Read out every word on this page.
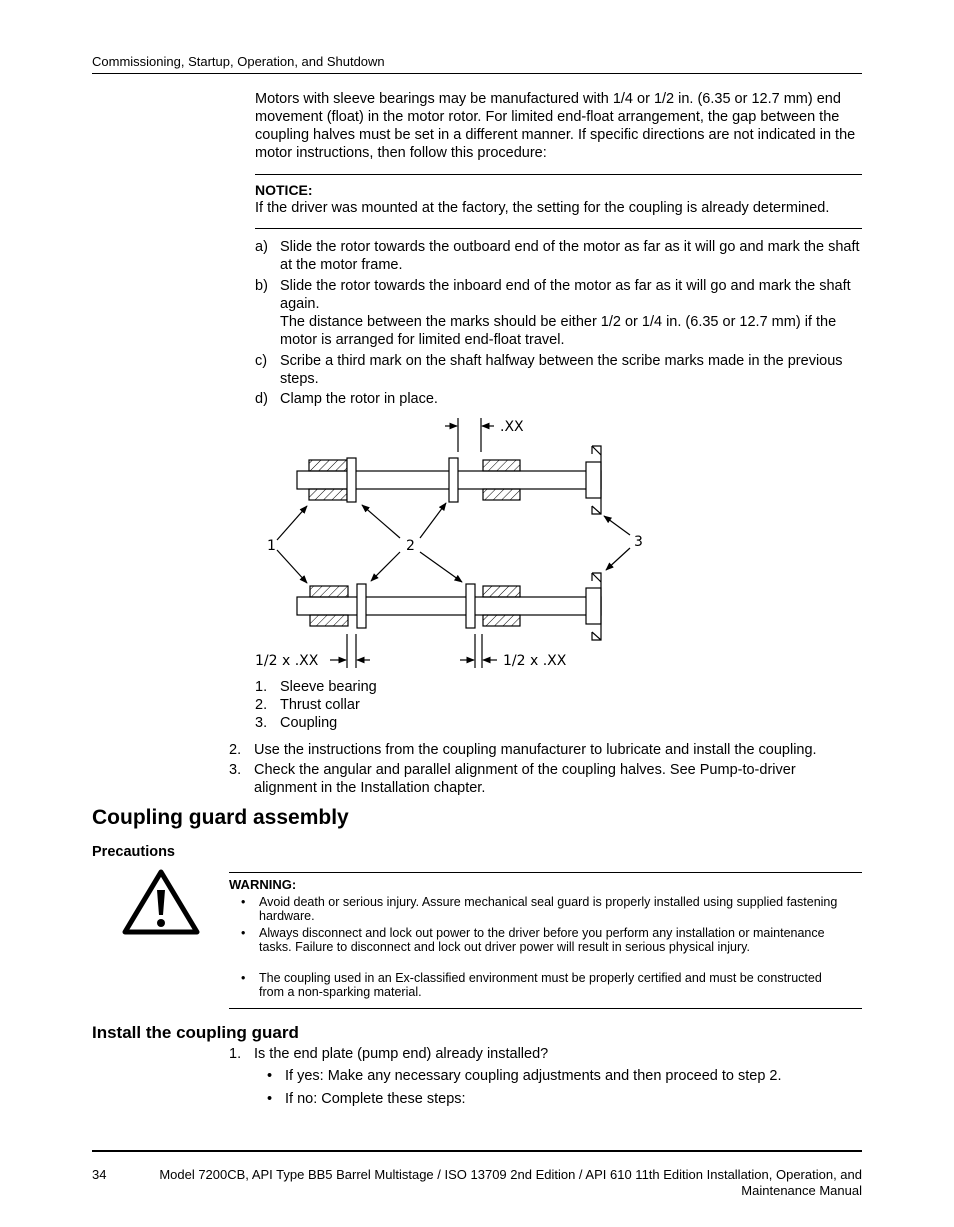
Commissioning, Startup, Operation, and Shutdown
Motors with sleeve bearings may be manufactured with 1/4 or 1/2 in. (6.35 or 12.7 mm) end movement (float) in the motor rotor. For limited end-float arrangement, the gap between the coupling halves must be set in a different manner. If specific directions are not indicated in the motor instructions, then follow this procedure:
NOTICE:
If the driver was mounted at the factory, the setting for the coupling is already determined.
a) Slide the rotor towards the outboard end of the motor as far as it will go and mark the shaft at the motor frame.
b) Slide the rotor towards the inboard end of the motor as far as it will go and mark the shaft again.
The distance between the marks should be either 1/2 or 1/4 in. (6.35 or 12.7 mm) if the motor is arranged for limited end-float travel.
c) Scribe a third mark on the shaft halfway between the scribe marks made in the previous steps.
d) Clamp the rotor in place.
.XX
1/2 x .XX	1/2 x .XX
1	2	3
1. Sleeve bearing
2. Thrust collar
3. Coupling
2. Use the instructions from the coupling manufacturer to lubricate and install the coupling.
3. Check the angular and parallel alignment of the coupling halves. See Pump-to-driver alignment in the Installation chapter.
Coupling guard assembly
Precautions
WARNING:
• Avoid death or serious injury. Assure mechanical seal guard is properly installed using supplied fastening hardware.
• Always disconnect and lock out power to the driver before you perform any installation or maintenance tasks. Failure to disconnect and lock out driver power will result in serious physical injury.
• The coupling used in an Ex-classified environment must be properly certified and must be constructed from a non-sparking material.
Install the coupling guard
1. Is the end plate (pump end) already installed?
• If yes: Make any necessary coupling adjustments and then proceed to step 2.
• If no: Complete these steps:
34	Model 7200CB, API Type BB5 Barrel Multistage / ISO 13709 2nd Edition / API 610 11th Edition Installation, Operation, and
Maintenance Manual
